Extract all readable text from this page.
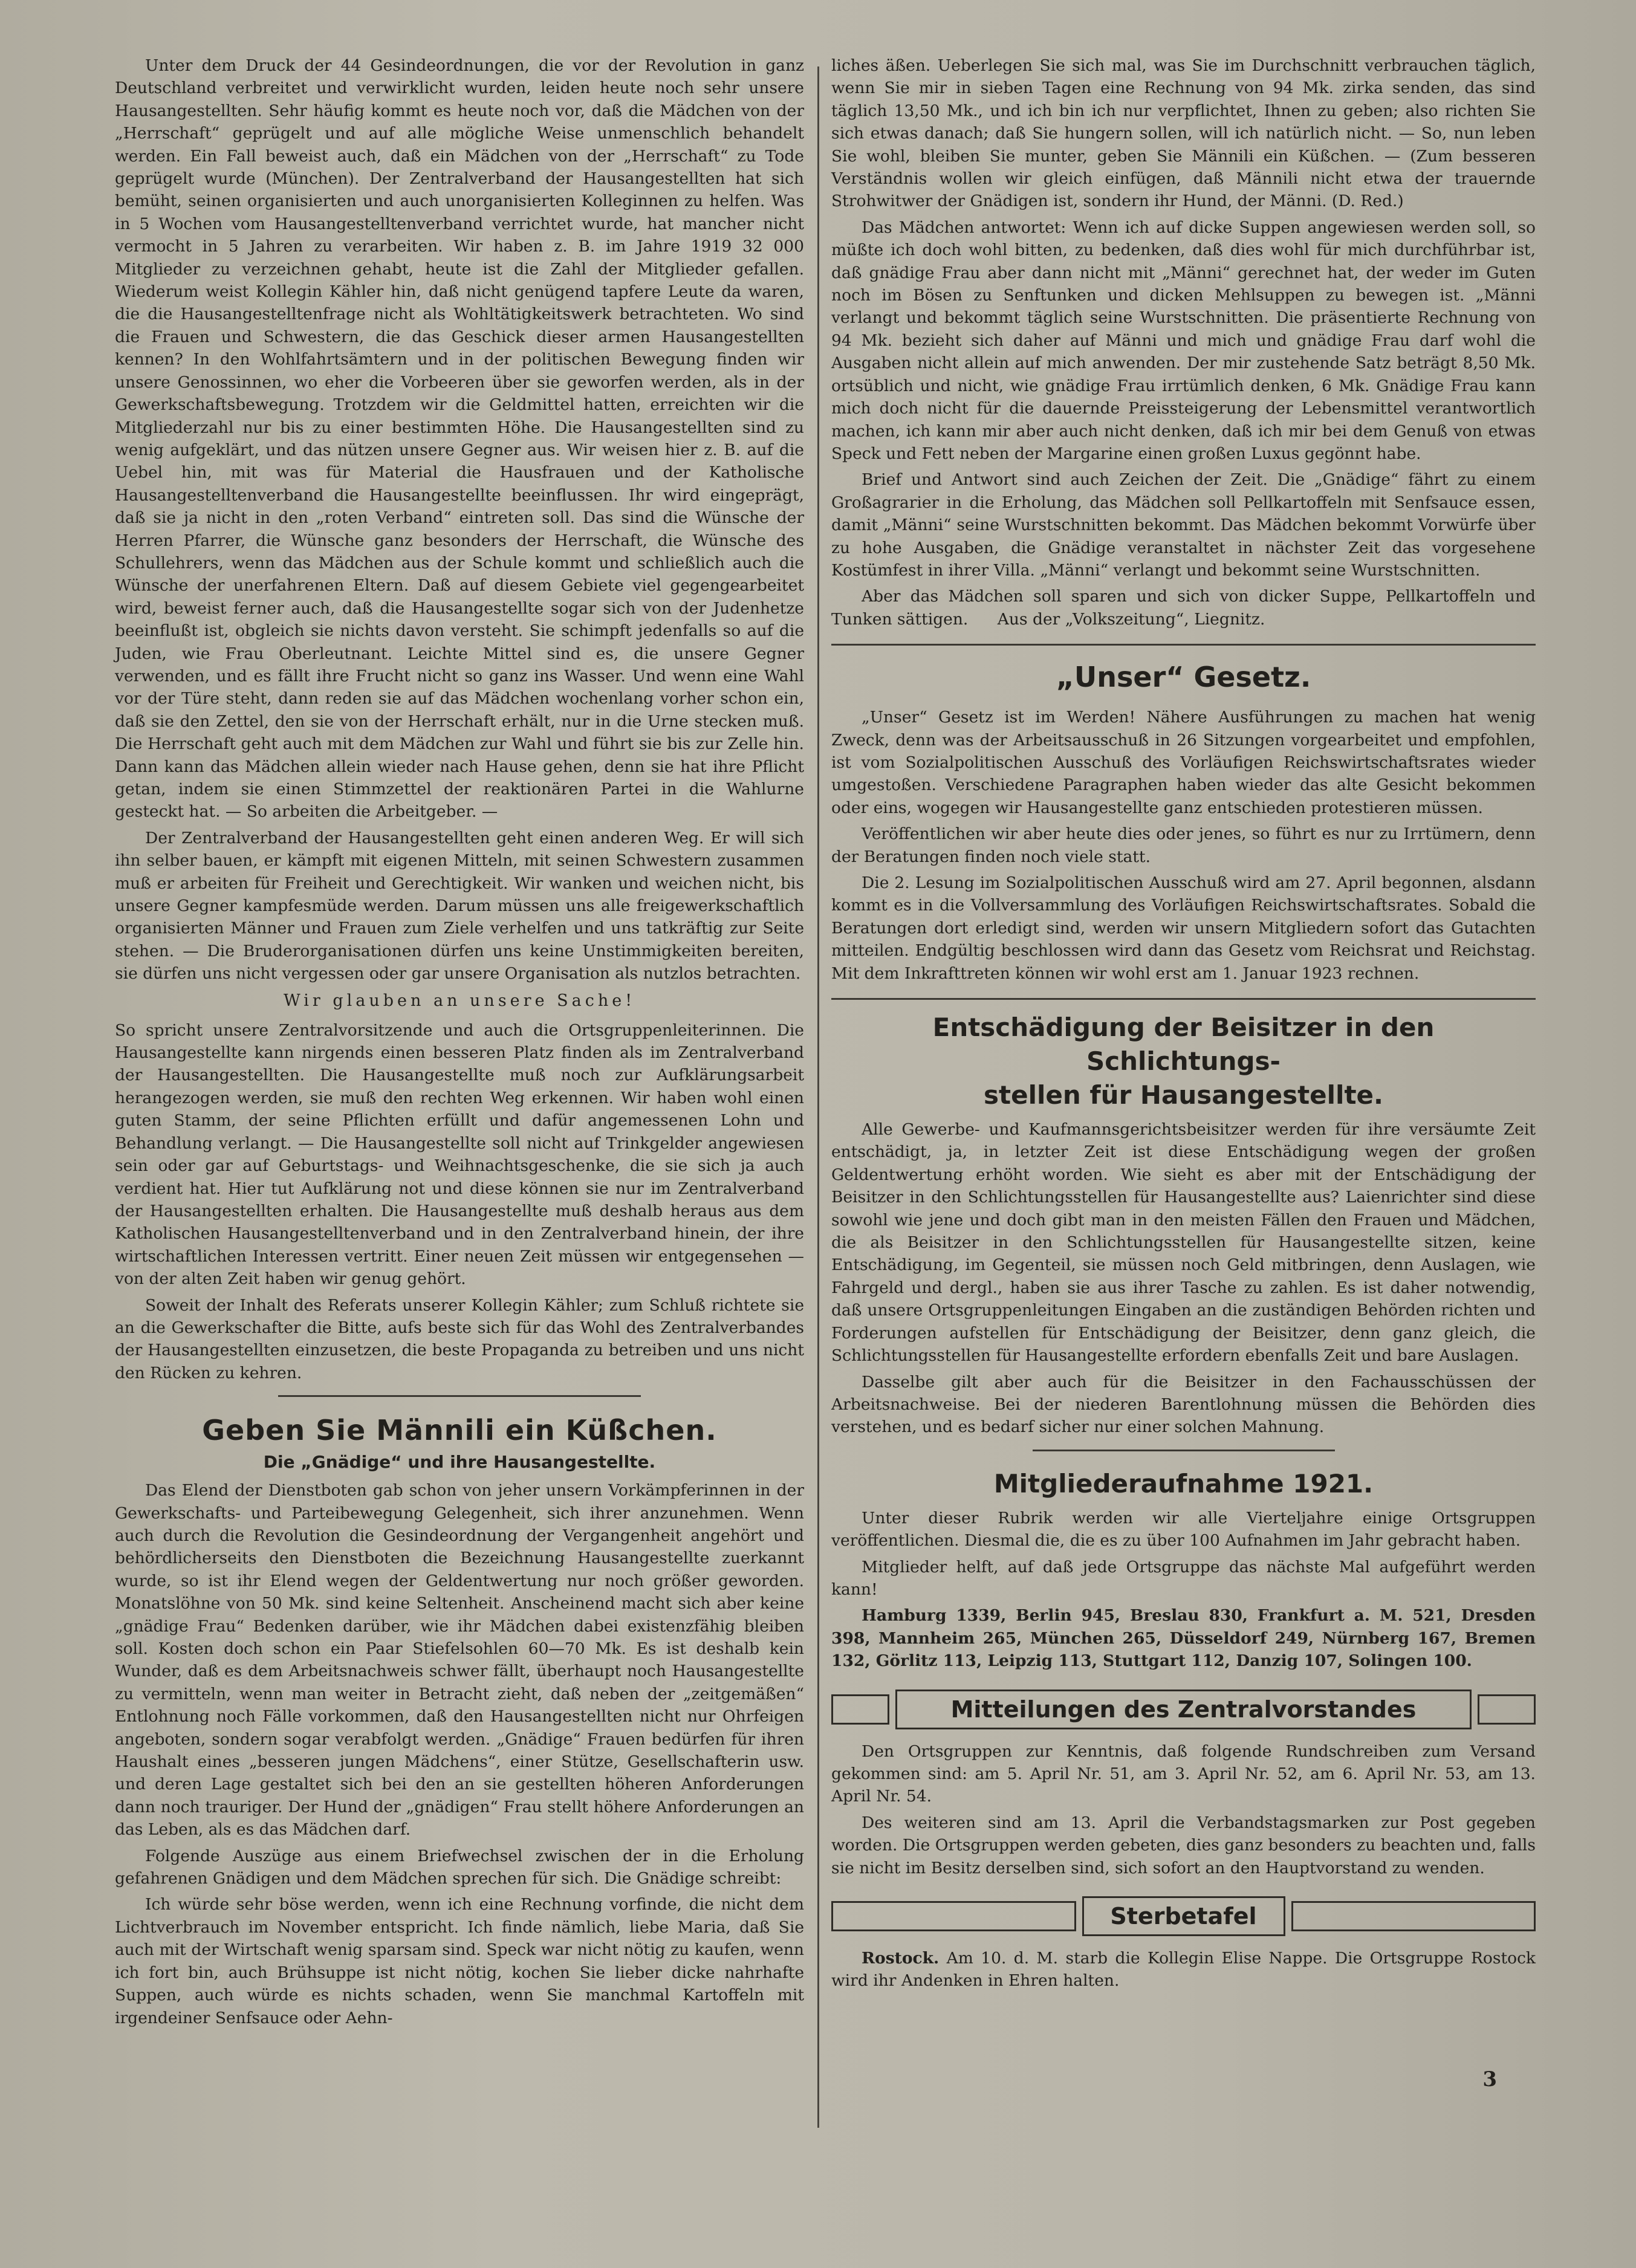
Unter dem Druck der 44 Gesindeordnungen, die vor der Revolution in ganz Deutschland verbreitet und verwirklicht wurden, leiden heute noch sehr unsere Hausangestellten. Sehr häufig kommt es heute noch vor, daß die Mädchen von der „Herrschaft“ geprügelt und auf alle mögliche Weise unmenschlich behandelt werden. Ein Fall beweist auch, daß ein Mädchen von der „Herrschaft“ zu Tode geprügelt wurde (München). Der Zentralverband der Hausangestellten hat sich bemüht, seinen organisierten und auch unorganisierten Kolleginnen zu helfen. Was in 5 Wochen vom Hausangestelltenverband verrichtet wurde, hat mancher nicht vermocht in 5 Jahren zu verarbeiten. Wir haben z. B. im Jahre 1919 32 000 Mitglieder zu verzeichnen gehabt, heute ist die Zahl der Mitglieder gefallen. Wiederum weist Kollegin Kähler hin, daß nicht genügend tapfere Leute da waren, die die Hausangestelltenfrage nicht als Wohltätigkeitswerk betrachteten. Wo sind die Frauen und Schwestern, die das Geschick dieser armen Hausangestellten kennen? In den Wohlfahrtsämtern und in der politischen Bewegung finden wir unsere Genossinnen, wo eher die Vorbeeren über sie geworfen werden, als in der Gewerkschaftsbewegung. Trotzdem wir die Geldmittel hatten, erreichten wir die Mitgliederzahl nur bis zu einer bestimmten Höhe. Die Hausangestellten sind zu wenig aufgeklärt, und das nützen unsere Gegner aus. Wir weisen hier z. B. auf die Uebel hin, mit was für Material die Hausfrauen und der Katholische Hausangestelltenverband die Hausangestellte beeinflussen. Ihr wird eingeprägt, daß sie ja nicht in den „roten Verband“ eintreten soll. Das sind die Wünsche der Herren Pfarrer, die Wünsche ganz besonders der Herrschaft, die Wünsche des Schullehrers, wenn das Mädchen aus der Schule kommt und schließlich auch die Wünsche der unerfahrenen Eltern. Daß auf diesem Gebiete viel gegengearbeitet wird, beweist ferner auch, daß die Hausangestellte sogar sich von der Judenhetze beeinflußt ist, obgleich sie nichts davon versteht. Sie schimpft jedenfalls so auf die Juden, wie Frau Oberleutnant. Leichte Mittel sind es, die unsere Gegner verwenden, und es fällt ihre Frucht nicht so ganz ins Wasser. Und wenn eine Wahl vor der Türe steht, dann reden sie auf das Mädchen wochenlang vorher schon ein, daß sie den Zettel, den sie von der Herrschaft erhält, nur in die Urne stecken muß. Die Herrschaft geht auch mit dem Mädchen zur Wahl und führt sie bis zur Zelle hin. Dann kann das Mädchen allein wieder nach Hause gehen, denn sie hat ihre Pflicht getan, indem sie einen Stimmzettel der reaktionären Partei in die Wahlurne gesteckt hat. — So arbeiten die Arbeitgeber. —

Der Zentralverband der Hausangestellten geht einen anderen Weg. Er will sich ihn selber bauen, er kämpft mit eigenen Mitteln, mit seinen Schwestern zusammen muß er arbeiten für Freiheit und Gerechtigkeit. Wir wanken und weichen nicht, bis unsere Gegner kampfesmüde werden. Darum müssen uns alle freigewerkschaftlich organisierten Männer und Frauen zum Ziele verhelfen und uns tatkräftig zur Seite stehen. — Die Bruderorganisationen dürfen uns keine Unstimmigkeiten bereiten, sie dürfen uns nicht vergessen oder gar unsere Organisation als nutzlos betrachten.

Wir glauben an unsere Sache!

So spricht unsere Zentralvorsitzende und auch die Ortsgruppenleiterinnen. Die Hausangestellte kann nirgends einen besseren Platz finden als im Zentralverband der Hausangestellten. Die Hausangestellte muß noch zur Aufklärungsarbeit herangezogen werden, sie muß den rechten Weg erkennen. Wir haben wohl einen guten Stamm, der seine Pflichten erfüllt und dafür angemessenen Lohn und Behandlung verlangt. — Die Hausangestellte soll nicht auf Trinkgelder angewiesen sein oder gar auf Geburtstags- und Weihnachtsgeschenke, die sie sich ja auch verdient hat. Hier tut Aufklärung not und diese können sie nur im Zentralverband der Hausangestellten erhalten. Die Hausangestellte muß deshalb heraus aus dem Katholischen Hausangestelltenverband und in den Zentralverband hinein, der ihre wirtschaftlichen Interessen vertritt. Einer neuen Zeit müssen wir entgegensehen — von der alten Zeit haben wir genug gehört.

Soweit der Inhalt des Referats unserer Kollegin Kähler; zum Schluß richtete sie an die Gewerkschafter die Bitte, aufs beste sich für das Wohl des Zentralverbandes der Hausangestellten einzusetzen, die beste Propaganda zu betreiben und uns nicht den Rücken zu kehren.

Geben Sie Männili ein Küßchen.
Die „Gnädige“ und ihre Hausangestellte.

Das Elend der Dienstboten gab schon von jeher unsern Vorkämpferinnen in der Gewerkschafts- und Parteibewegung Gelegenheit, sich ihrer anzunehmen. Wenn auch durch die Revolution die Gesindeordnung der Vergangenheit angehört und behördlicherseits den Dienstboten die Bezeichnung Hausangestellte zuerkannt wurde, so ist ihr Elend wegen der Geldentwertung nur noch größer geworden. Monatslöhne von 50 Mk. sind keine Seltenheit. Anscheinend macht sich aber keine „gnädige Frau“ Bedenken darüber, wie ihr Mädchen dabei existenzfähig bleiben soll. Kosten doch schon ein Paar Stiefelsohlen 60—70 Mk. Es ist deshalb kein Wunder, daß es dem Arbeitsnachweis schwer fällt, überhaupt noch Hausangestellte zu vermitteln, wenn man weiter in Betracht zieht, daß neben der „zeitgemäßen“ Entlohnung noch Fälle vorkommen, daß den Hausangestellten nicht nur Ohrfeigen angeboten, sondern sogar verabfolgt werden. „Gnädige“ Frauen bedürfen für ihren Haushalt eines „besseren jungen Mädchens“, einer Stütze, Gesellschafterin usw. und deren Lage gestaltet sich bei den an sie gestellten höheren Anforderungen dann noch trauriger. Der Hund der „gnädigen“ Frau stellt höhere Anforderungen an das Leben, als es das Mädchen darf.

Folgende Auszüge aus einem Briefwechsel zwischen der in die Erholung gefahrenen Gnädigen und dem Mädchen sprechen für sich. Die Gnädige schreibt:

Ich würde sehr böse werden, wenn ich eine Rechnung vorfinde, die nicht dem Lichtverbrauch im November entspricht. Ich finde nämlich, liebe Maria, daß Sie auch mit der Wirtschaft wenig sparsam sind. Speck war nicht nötig zu kaufen, wenn ich fort bin, auch Brühsuppe ist nicht nötig, kochen Sie lieber dicke nahrhafte Suppen, auch würde es nichts schaden, wenn Sie manchmal Kartoffeln mit irgendeiner Senfsauce oder Aehn-

liches äßen. Ueberlegen Sie sich mal, was Sie im Durchschnitt verbrauchen täglich, wenn Sie mir in sieben Tagen eine Rechnung von 94 Mk. zirka senden, das sind täglich 13,50 Mk., und ich bin ich nur verpflichtet, Ihnen zu geben; also richten Sie sich etwas danach; daß Sie hungern sollen, will ich natürlich nicht. — So, nun leben Sie wohl, bleiben Sie munter, geben Sie Männili ein Küßchen. — (Zum besseren Verständnis wollen wir gleich einfügen, daß Männili nicht etwa der trauernde Strohwitwer der Gnädigen ist, sondern ihr Hund, der Männi. (D. Red.)

Das Mädchen antwortet: Wenn ich auf dicke Suppen angewiesen werden soll, so müßte ich doch wohl bitten, zu bedenken, daß dies wohl für mich durchführbar ist, daß gnädige Frau aber dann nicht mit „Männi“ gerechnet hat, der weder im Guten noch im Bösen zu Senftunken und dicken Mehlsuppen zu bewegen ist. „Männi verlangt und bekommt täglich seine Wurstschnitten. Die präsentierte Rechnung von 94 Mk. bezieht sich daher auf Männi und mich und gnädige Frau darf wohl die Ausgaben nicht allein auf mich anwenden. Der mir zustehende Satz beträgt 8,50 Mk. ortsüblich und nicht, wie gnädige Frau irrtümlich denken, 6 Mk. Gnädige Frau kann mich doch nicht für die dauernde Preissteigerung der Lebensmittel verantwortlich machen, ich kann mir aber auch nicht denken, daß ich mir bei dem Genuß von etwas Speck und Fett neben der Margarine einen großen Luxus gegönnt habe.

Brief und Antwort sind auch Zeichen der Zeit. Die „Gnädige“ fährt zu einem Großagrarier in die Erholung, das Mädchen soll Pellkartoffeln mit Senfsauce essen, damit „Männi“ seine Wurstschnitten bekommt. Das Mädchen bekommt Vorwürfe über zu hohe Ausgaben, die Gnädige veranstaltet in nächster Zeit das vorgesehene Kostümfest in ihrer Villa. „Männi“ verlangt und bekommt seine Wurstschnitten.

Aber das Mädchen soll sparen und sich von dicker Suppe, Pellkartoffeln und Tunken sättigen. Aus der „Volkszeitung“, Liegnitz.

„Unser“ Gesetz.

„Unser“ Gesetz ist im Werden! Nähere Ausführungen zu machen hat wenig Zweck, denn was der Arbeitsausschuß in 26 Sitzungen vorgearbeitet und empfohlen, ist vom Sozialpolitischen Ausschuß des Vorläufigen Reichswirtschaftsrates wieder umgestoßen. Verschiedene Paragraphen haben wieder das alte Gesicht bekommen oder eins, wogegen wir Hausangestellte ganz entschieden protestieren müssen.

Veröffentlichen wir aber heute dies oder jenes, so führt es nur zu Irrtümern, denn der Beratungen finden noch viele statt.

Die 2. Lesung im Sozialpolitischen Ausschuß wird am 27. April begonnen, alsdann kommt es in die Vollversammlung des Vorläufigen Reichswirtschaftsrates. Sobald die Beratungen dort erledigt sind, werden wir unsern Mitgliedern sofort das Gutachten mitteilen. Endgültig beschlossen wird dann das Gesetz vom Reichsrat und Reichstag. Mit dem Inkrafttreten können wir wohl erst am 1. Januar 1923 rechnen.

Entschädigung der Beisitzer in den Schlichtungs-
stellen für Hausangestellte.

Alle Gewerbe- und Kaufmannsgerichtsbeisitzer werden für ihre versäumte Zeit entschädigt, ja, in letzter Zeit ist diese Entschädigung wegen der großen Geldentwertung erhöht worden. Wie sieht es aber mit der Entschädigung der Beisitzer in den Schlichtungsstellen für Hausangestellte aus? Laienrichter sind diese sowohl wie jene und doch gibt man in den meisten Fällen den Frauen und Mädchen, die als Beisitzer in den Schlichtungsstellen für Hausangestellte sitzen, keine Entschädigung, im Gegenteil, sie müssen noch Geld mitbringen, denn Auslagen, wie Fahrgeld und dergl., haben sie aus ihrer Tasche zu zahlen. Es ist daher notwendig, daß unsere Ortsgruppenleitungen Eingaben an die zuständigen Behörden richten und Forderungen aufstellen für Entschädigung der Beisitzer, denn ganz gleich, die Schlichtungsstellen für Hausangestellte erfordern ebenfalls Zeit und bare Auslagen.

Dasselbe gilt aber auch für die Beisitzer in den Fachausschüssen der Arbeitsnachweise. Bei der niederen Barentlohnung müssen die Behörden dies verstehen, und es bedarf sicher nur einer solchen Mahnung.

Mitgliederaufnahme 1921.

Unter dieser Rubrik werden wir alle Vierteljahre einige Ortsgruppen veröffentlichen. Diesmal die, die es zu über 100 Aufnahmen im Jahr gebracht haben.

Mitglieder helft, auf daß jede Ortsgruppe das nächste Mal aufgeführt werden kann!

Hamburg 1339, Berlin 945, Breslau 830, Frankfurt a. M. 521, Dresden 398, Mannheim 265, München 265, Düsseldorf 249, Nürnberg 167, Bremen 132, Görlitz 113, Leipzig 113, Stuttgart 112, Danzig 107, Solingen 100.

Mitteilungen des Zentralvorstandes

Den Ortsgruppen zur Kenntnis, daß folgende Rundschreiben zum Versand gekommen sind: am 5. April Nr. 51, am 3. April Nr. 52, am 6. April Nr. 53, am 13. April Nr. 54.

Des weiteren sind am 13. April die Verbandstagsmarken zur Post gegeben worden. Die Ortsgruppen werden gebeten, dies ganz besonders zu beachten und, falls sie nicht im Besitz derselben sind, sich sofort an den Hauptvorstand zu wenden.

Sterbetafel

Rostock. Am 10. d. M. starb die Kollegin Elise Nappe. Die Ortsgruppe Rostock wird ihr Andenken in Ehren halten.

3
